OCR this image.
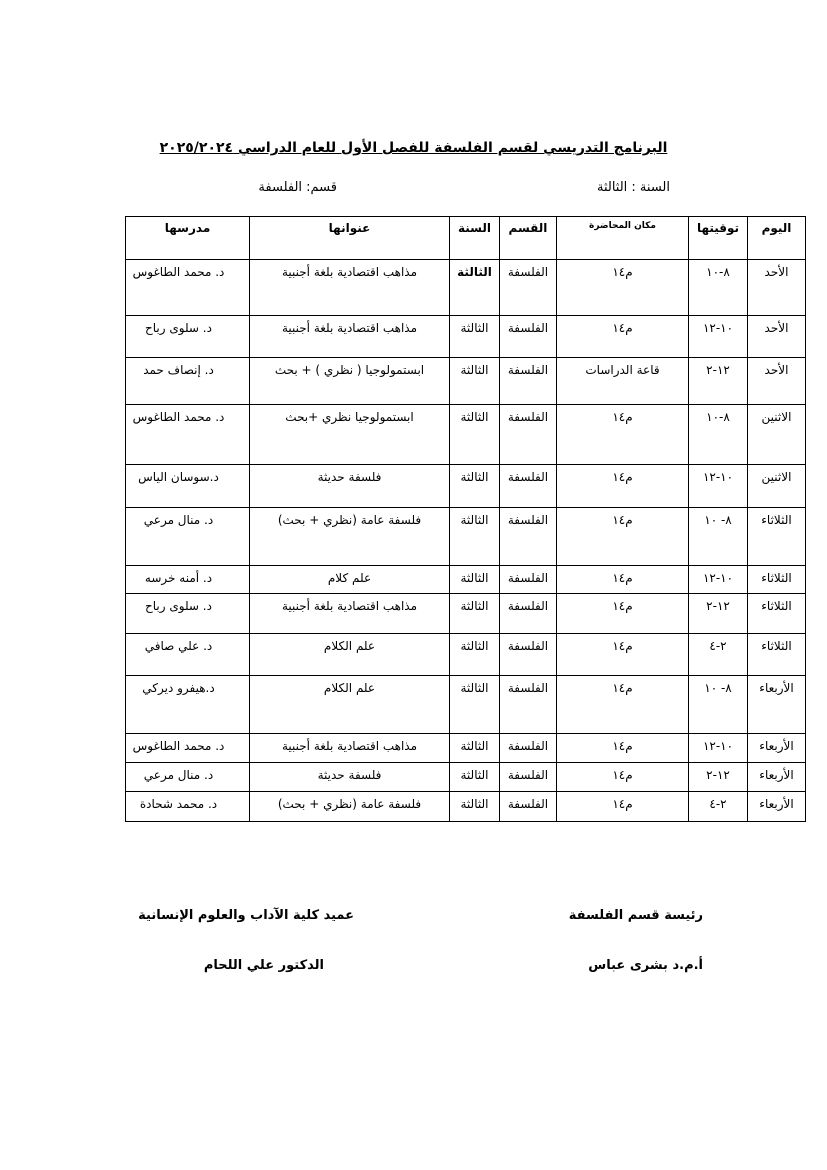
البرنامج التدريسي لقسم الفلسفة للفصل الأول للعام الدراسي ٢٠٢٥/٢٠٢٤
السنة : الثالثة
قسم: الفلسفة
اليوم	توقيتها	مكان المحاضرة	القسم	السنة	عنوانها	مدرسها
الأحد	٨-١٠	م١٤	الفلسفة	الثالثة	مذاهب اقتصادية بلغة أجنبية	د. محمد الطاغوس
الأحد	١٠-١٢	م١٤	الفلسفة	الثالثة	مذاهب اقتصادية بلغة أجنبية	د. سلوى رباح
الأحد	١٢-٢	قاعة الدراسات	الفلسفة	الثالثة	ابستمولوجيا ( نظري ) + بحث	د. إنصاف حمد
الاثنين	٨-١٠	م١٤	الفلسفة	الثالثة	ابستمولوجيا نظري +بحث	د. محمد الطاغوس
الاثنين	١٠-١٢	م١٤	الفلسفة	الثالثة	فلسفة حديثة	د.سوسان الياس
الثلاثاء	٨- ١٠	م١٤	الفلسفة	الثالثة	فلسفة عامة (نظري + بحث)	د. منال مرعي
الثلاثاء	١٠-١٢	م١٤	الفلسفة	الثالثة	علم كلام	د. أمنه خرسه
الثلاثاء	١٢-٢	م١٤	الفلسفة	الثالثة	مذاهب اقتصادية بلغة أجنبية	د. سلوى رباح
الثلاثاء	٢-٤	م١٤	الفلسفة	الثالثة	علم الكلام	د. علي صافي
الأربعاء	٨- ١٠	م١٤	الفلسفة	الثالثة	علم الكلام	د.هيفرو ديركي
الأربعاء	١٠-١٢	م١٤	الفلسفة	الثالثة	مذاهب اقتصادية بلغة أجنبية	د. محمد الطاغوس
الأربعاء	١٢-٢	م١٤	الفلسفة	الثالثة	فلسفة حديثة	د. منال مرعي
الأربعاء	٢-٤	م١٤	الفلسفة	الثالثة	فلسفة عامة (نظري + بحث)	د. محمد شحادة
رئيسة قسم الفلسفة
أ.م.د بشرى عباس
عميد كلية الآداب والعلوم الإنسانية
الدكتور علي اللحام
